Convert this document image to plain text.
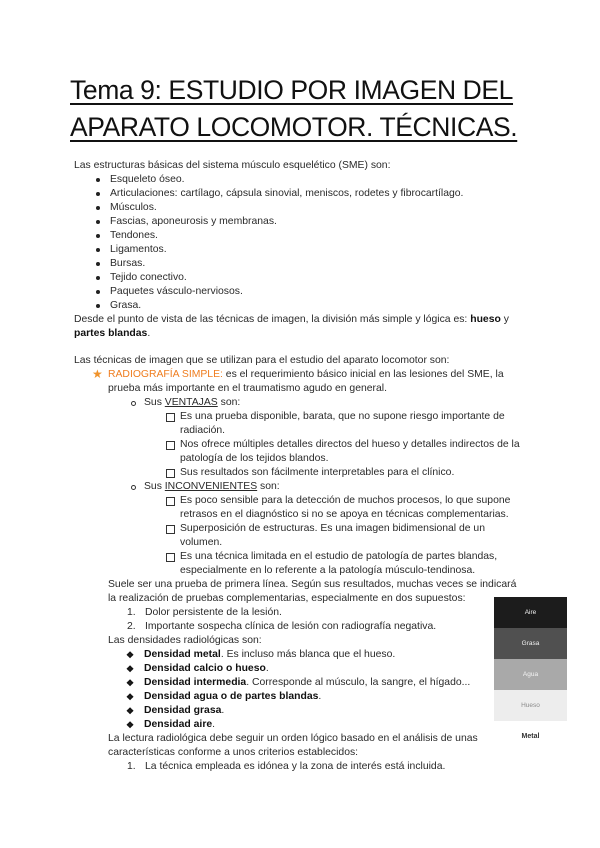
Tema 9: ESTUDIO POR IMAGEN DEL APARATO LOCOMOTOR. TÉCNICAS.

Las estructuras básicas del sistema músculo esquelético (SME) son:

Esqueleto óseo.
Articulaciones: cartílago, cápsula sinovial, meniscos, rodetes y fibrocartílago.
Músculos.
Fascias, aponeurosis y membranas.
Tendones.
Ligamentos.
Bursas.
Tejido conectivo.
Paquetes vásculo-nerviosos.
Grasa.

Desde el punto de vista de las técnicas de imagen, la división más simple y lógica es: hueso y partes blandas.

Las técnicas de imagen que se utilizan para el estudio del aparato locomotor son:

★ RADIOGRAFÍA SIMPLE: es el requerimiento básico inicial en las lesiones del SME, la prueba más importante en el traumatismo agudo en general.
Sus VENTAJAS son:
Es una prueba disponible, barata, que no supone riesgo importante de radiación.
Nos ofrece múltiples detalles directos del hueso y detalles indirectos de la patología de los tejidos blandos.
Sus resultados son fácilmente interpretables para el clínico.
Sus INCONVENIENTES son:
Es poco sensible para la detección de muchos procesos, lo que supone retrasos en el diagnóstico si no se apoya en técnicas complementarias.
Superposición de estructuras. Es una imagen bidimensional de un volumen.
Es una técnica limitada en el estudio de patología de partes blandas, especialmente en lo referente a la patología músculo-tendinosa.

Suele ser una prueba de primera línea. Según sus resultados, muchas veces se indicará la realización de pruebas complementarias, especialmente en dos supuestos:

1. Dolor persistente de la lesión.
2. Importante sospecha clínica de lesión con radiografía negativa.

Las densidades radiológicas son:

❖ Densidad metal. Es incluso más blanca que el hueso.
❖ Densidad calcio o hueso.
❖ Densidad intermedia. Corresponde al músculo, la sangre, el hígado...
❖ Densidad agua o de partes blandas.
❖ Densidad grasa.
❖ Densidad aire.

La lectura radiológica debe seguir un orden lógico basado en el análisis de unas características conforme a unos criterios establecidos:

1. La técnica empleada es idónea y la zona de interés está incluida.
Aire
Grasa
Agua
Hueso
Metal
